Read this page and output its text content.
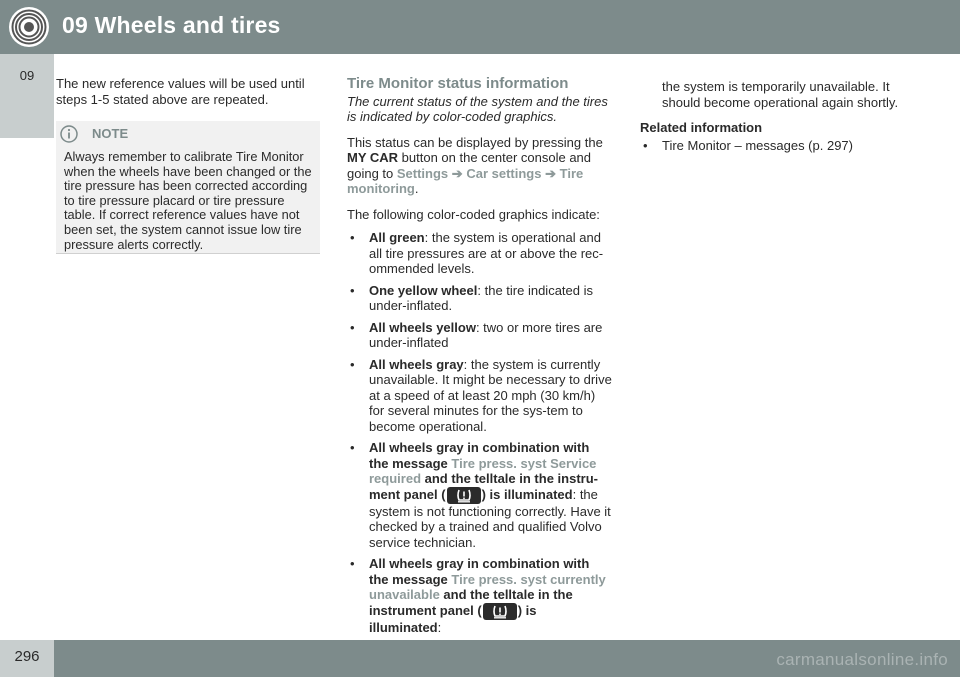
09 Wheels and tires
09

The new reference values will be used until steps 1-5 stated above are repeated.

NOTE
Always remember to calibrate Tire Monitor when the wheels have been changed or the tire pressure has been corrected according to tire pressure placard or tire pressure table. If correct reference values have not been set, the system cannot issue low tire pressure alerts correctly.
Tire Monitor status information

The current status of the system and the tires is indicated by color-coded graphics.

This status can be displayed by pressing the MY CAR button on the center console and going to Settings ➔ Car settings ➔ Tire monitoring.

The following color-coded graphics indicate:

• All green: the system is operational and all tire pressures are at or above the rec-ommended levels.
• One yellow wheel: the tire indicated is under-inflated.
• All wheels yellow: two or more tires are under-inflated
• All wheels gray: the system is currently unavailable. It might be necessary to drive at a speed of at least 20 mph (30 km/h) for several minutes for the sys-tem to become operational.
• All wheels gray in combination with the message Tire press. syst Service required and the telltale in the instru-ment panel (	) is illuminated: the system is not functioning correctly. Have it checked by a trained and qualified Volvo service technician.
• All wheels gray in combination with the message Tire press. syst currently unavailable and the telltale in the instrument panel (	) is illuminated:

the system is temporarily unavailable. It should become operational again shortly.

Related information
• Tire Monitor – messages (p. 297)
296	carmanualsonline.info
